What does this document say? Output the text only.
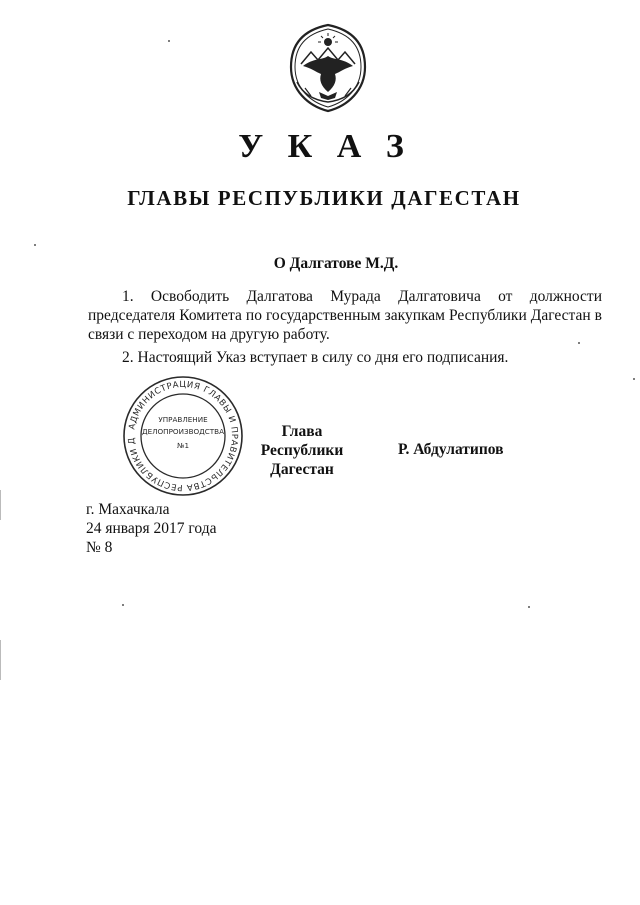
У К А З
ГЛАВЫ РЕСПУБЛИКИ ДАГЕСТАН
О Далгатове М.Д.
1. Освободить Далгатова Мурада Далгатовича от должности председателя Комитета по государственным закупкам Республики Дагестан в связи с переходом на другую работу.
2. Настоящий Указ вступает в силу со дня его подписания.
АДМИНИСТРАЦИЯ ГЛАВЫ И ПРАВИТЕЛЬСТВА РЕСПУБЛИКИ Д
УПРАВЛЕНИЕ
ДЕЛОПРОИЗВОДСТВА
№1
Глава
Республики Дагестан
Р. Абдулатипов
г. Махачкала
24 января 2017 года
№ 8
